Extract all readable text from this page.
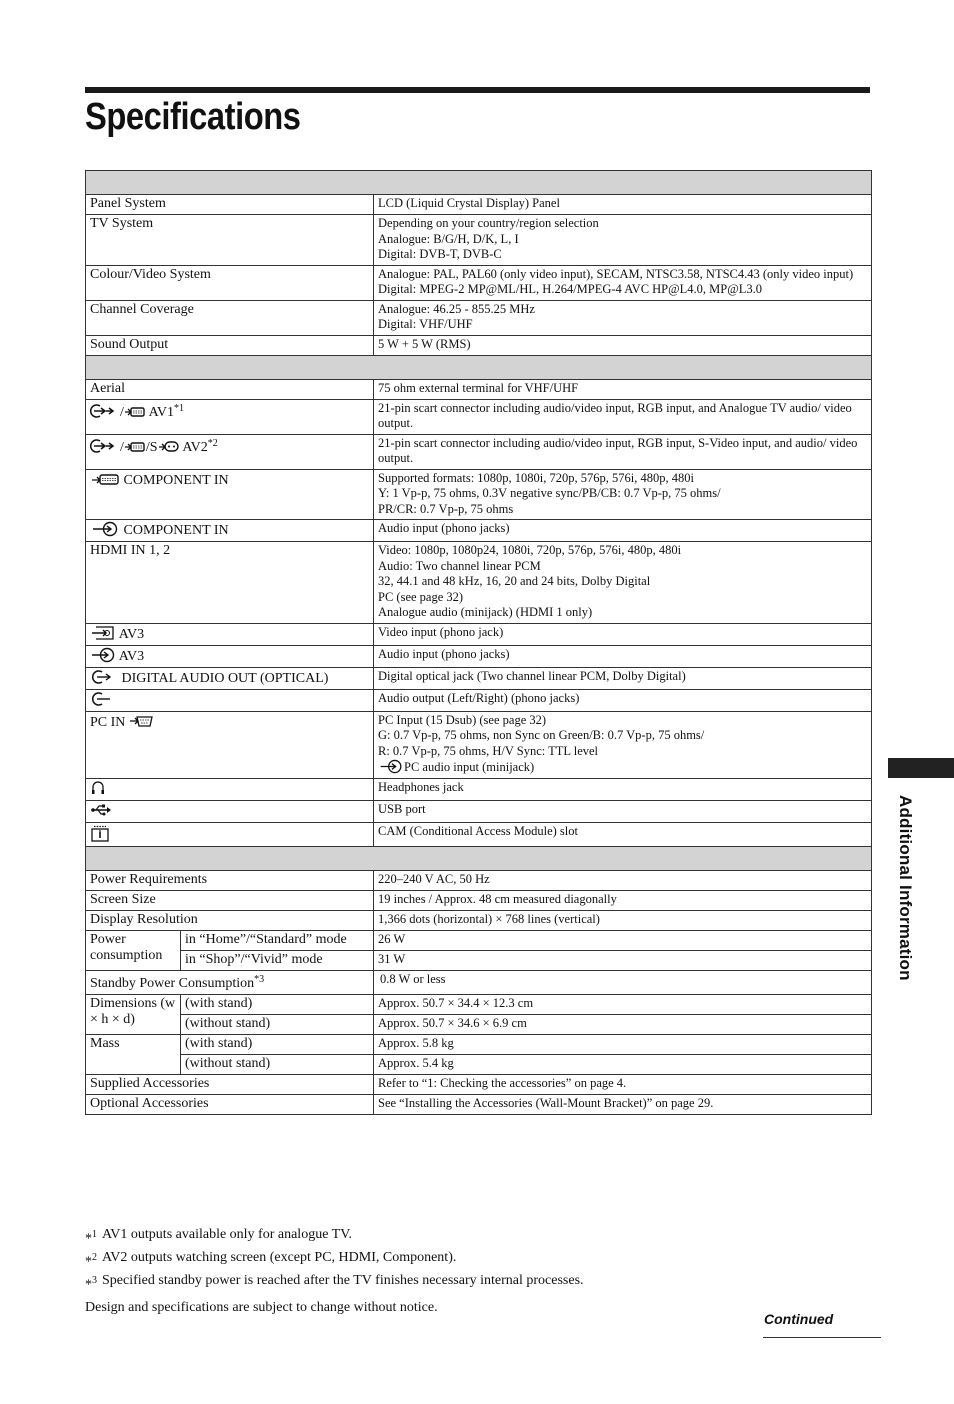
Specifications

Panel System		LCD (Liquid Crystal Display) Panel
TV System		Depending on your country/region selection
Analogue: B/G/H, D/K, L, I
Digital: DVB-T, DVB-C
Colour/Video System		Analogue: PAL, PAL60 (only video input), SECAM, NTSC3.58, NTSC4.43 (only video input)
Digital: MPEG-2 MP@ML/HL, H.264/MPEG-4 AVC HP@L4.0, MP@L3.0
Channel Coverage		Analogue: 46.25 - 855.25 MHz
Digital: VHF/UHF
Sound Output		5 W + 5 W (RMS)

Aerial		75 ohm external terminal for VHF/UHF

/ AV1$^{*1}$		21-pin scart connector including audio/video input, RGB input, and Analogue TV audio/ video output.

/ /S AV2$^{*2}$		21-pin scart connector including audio/video input, RGB input, S-Video input, and audio/ video output.

COMPONENT IN		Supported formats: 1080p, 1080i, 720p, 576p, 576i, 480p, 480i
Y: 1 Vp-p, 75 ohms, 0.3V negative sync/PB/CB: 0.7 Vp-p, 75 ohms/
PR/CR: 0.7 Vp-p, 75 ohms

COMPONENT IN		Audio input (phono jacks)
HDMI IN 1, 2		Video: 1080p, 1080p24, 1080i, 720p, 576p, 576i, 480p, 480i
Audio: Two channel linear PCM
32, 44.1 and 48 kHz, 16, 20 and 24 bits, Dolby Digital
PC (see page 32)
Analogue audio (minijack) (HDMI 1 only)

AV3		Video input (phono jack)

AV3		Audio input (phono jacks)

DIGITAL AUDIO OUT (OPTICAL)		Digital optical jack (Two channel linear PCM, Dolby Digital)

	Audio output (Left/Right) (phono jacks)
PC IN		PC Input (15 Dsub) (see page 32)
G: 0.7 Vp-p, 75 ohms, non Sync on Green/B: 0.7 Vp-p, 75 ohms/
R: 0.7 Vp-p, 75 ohms, H/V Sync: TTL level
PC audio input (minijack)

	Headphones jack

	USB port

	CAM (Conditional Access Module) slot

Power Requirements		220–240 V AC, 50 Hz
Screen Size		19 inches / Approx. 48 cm measured diagonally
Display Resolution		1,366 dots (horizontal) × 768 lines (vertical)
Power consumption	in “Home”/“Standard” mode	26 W
	in “Shop”/“Vivid” mode	31 W
Standby Power Consumption$^{*3}$		0.8 W or less
Dimensions (w × h × d)	(with stand)	Approx. 50.7 × 34.4 × 12.3 cm
	(without stand)	Approx. 50.7 × 34.6 × 6.9 cm
Mass	(with stand)	Approx. 5.8 kg
	(without stand)	Approx. 5.4 kg
Supplied Accessories		Refer to “1: Checking the accessories” on page 4.
Optional Accessories		See “Installing the Accessories (Wall-Mount Bracket)” on page 29.
*$^1$ AV1 outputs available only for analogue TV.
*$^2$ AV2 outputs watching screen (except PC, HDMI, Component).
*$^3$ Specified standby power is reached after the TV finishes necessary internal processes.
Design and specifications are subject to change without notice.
Continued
Additional Information
